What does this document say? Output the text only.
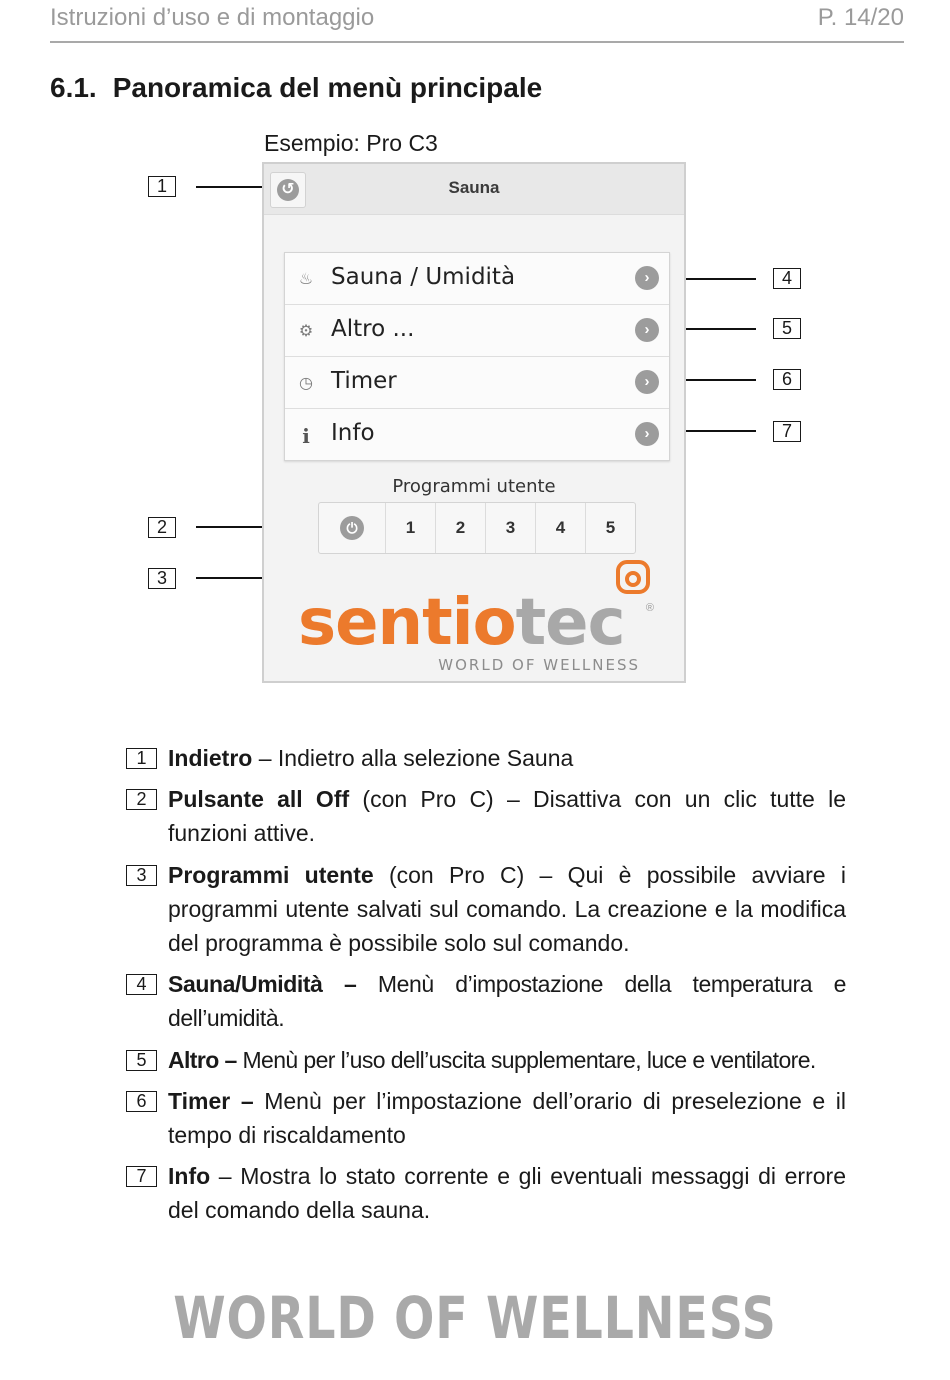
Istruzioni d’uso e di montaggio	P. 14/20
6.1. Panoramica del menù principale
Esempio: Pro C3
1
2
3
4
5
6
7
↺	Sauna
♨ Sauna / Umidità	›
⚙ Altro ...	›
◷ Timer	›
i Info	›
Programmi utente
⏻	1	2	3	4	5
sentiotec ®
WORLD OF WELLNESS
1 Indietro – Indietro alla selezione Sauna
2 Pulsante all Off (con Pro C) – Disattiva con un clic tutte le funzioni attive.
3 Programmi utente (con Pro C) – Qui è possibile avviare i programmi utente salvati sul comando. La creazione e la modifica del programma è possibile solo sul comando.
4 Sauna/Umidità – Menù d’impostazione della temperatura e dell’umidità.
5 Altro – Menù per l’uso dell’uscita supplementare, luce e ventilatore.
6 Timer – Menù per l’impostazione dell’orario di preselezione e il tempo di riscaldamento
7 Info – Mostra lo stato corrente e gli eventuali messaggi di errore del comando della sauna.
WORLD OF WELLNESS
